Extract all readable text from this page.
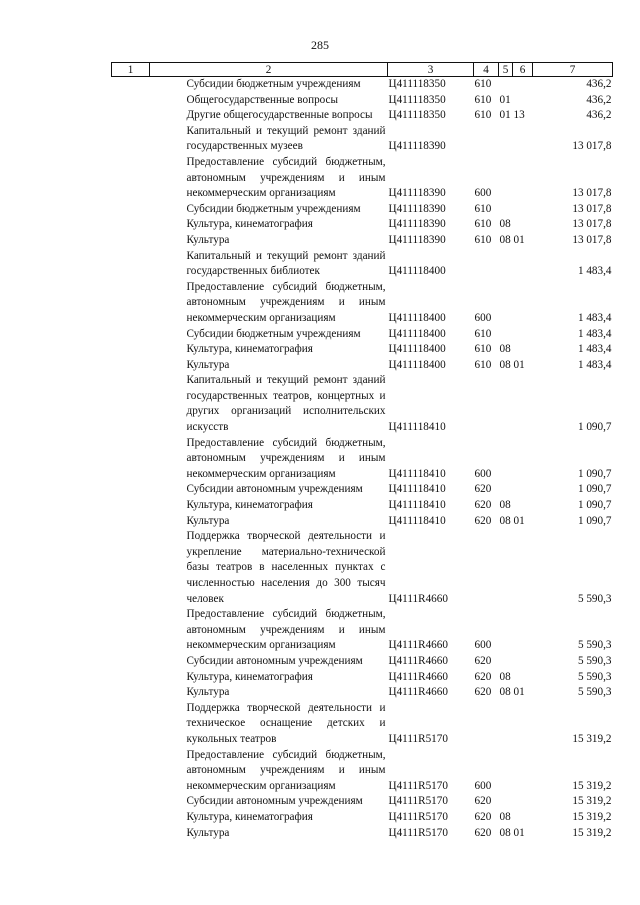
285
1	2	3	4	5	6	7
	Субсидии бюджетным учреждениям	Ц411118350	610			436,2
	Общегосударственные вопросы	Ц411118350	610	01		436,2
	Другие общегосударственные вопросы	Ц411118350	610	01	13	436,2
	Капитальный и текущий ремонт зданий государственных музеев	Ц411118390				13 017,8
	Предоставление субсидий бюджетным, автономным учреждениям и иным некоммерческим организациям	Ц411118390	600			13 017,8
	Субсидии бюджетным учреждениям	Ц411118390	610			13 017,8
	Культура, кинематография	Ц411118390	610	08		13 017,8
	Культура	Ц411118390	610	08	01	13 017,8
	Капитальный и текущий ремонт зданий государственных библиотек	Ц411118400				1 483,4
	Предоставление субсидий бюджетным, автономным учреждениям и иным некоммерческим организациям	Ц411118400	600			1 483,4
	Субсидии бюджетным учреждениям	Ц411118400	610			1 483,4
	Культура, кинематография	Ц411118400	610	08		1 483,4
	Культура	Ц411118400	610	08	01	1 483,4
	Капитальный и текущий ремонт зданий государственных театров, концертных и других организаций исполнительских искусств	Ц411118410				1 090,7
	Предоставление субсидий бюджетным, автономным учреждениям и иным некоммерческим организациям	Ц411118410	600			1 090,7
	Субсидии автономным учреждениям	Ц411118410	620			1 090,7
	Культура, кинематография	Ц411118410	620	08		1 090,7
	Культура	Ц411118410	620	08	01	1 090,7
	Поддержка творческой деятельности и укрепление материально-технической базы театров в населенных пунктах с численностью населения до 300 тысяч человек	Ц4111R4660				5 590,3
	Предоставление субсидий бюджетным, автономным учреждениям и иным некоммерческим организациям	Ц4111R4660	600			5 590,3
	Субсидии автономным учреждениям	Ц4111R4660	620			5 590,3
	Культура, кинематография	Ц4111R4660	620	08		5 590,3
	Культура	Ц4111R4660	620	08	01	5 590,3
	Поддержка творческой деятельности и техническое оснащение детских и кукольных театров	Ц4111R5170				15 319,2
	Предоставление субсидий бюджетным, автономным учреждениям и иным некоммерческим организациям	Ц4111R5170	600			15 319,2
	Субсидии автономным учреждениям	Ц4111R5170	620			15 319,2
	Культура, кинематография	Ц4111R5170	620	08		15 319,2
	Культура	Ц4111R5170	620	08	01	15 319,2
